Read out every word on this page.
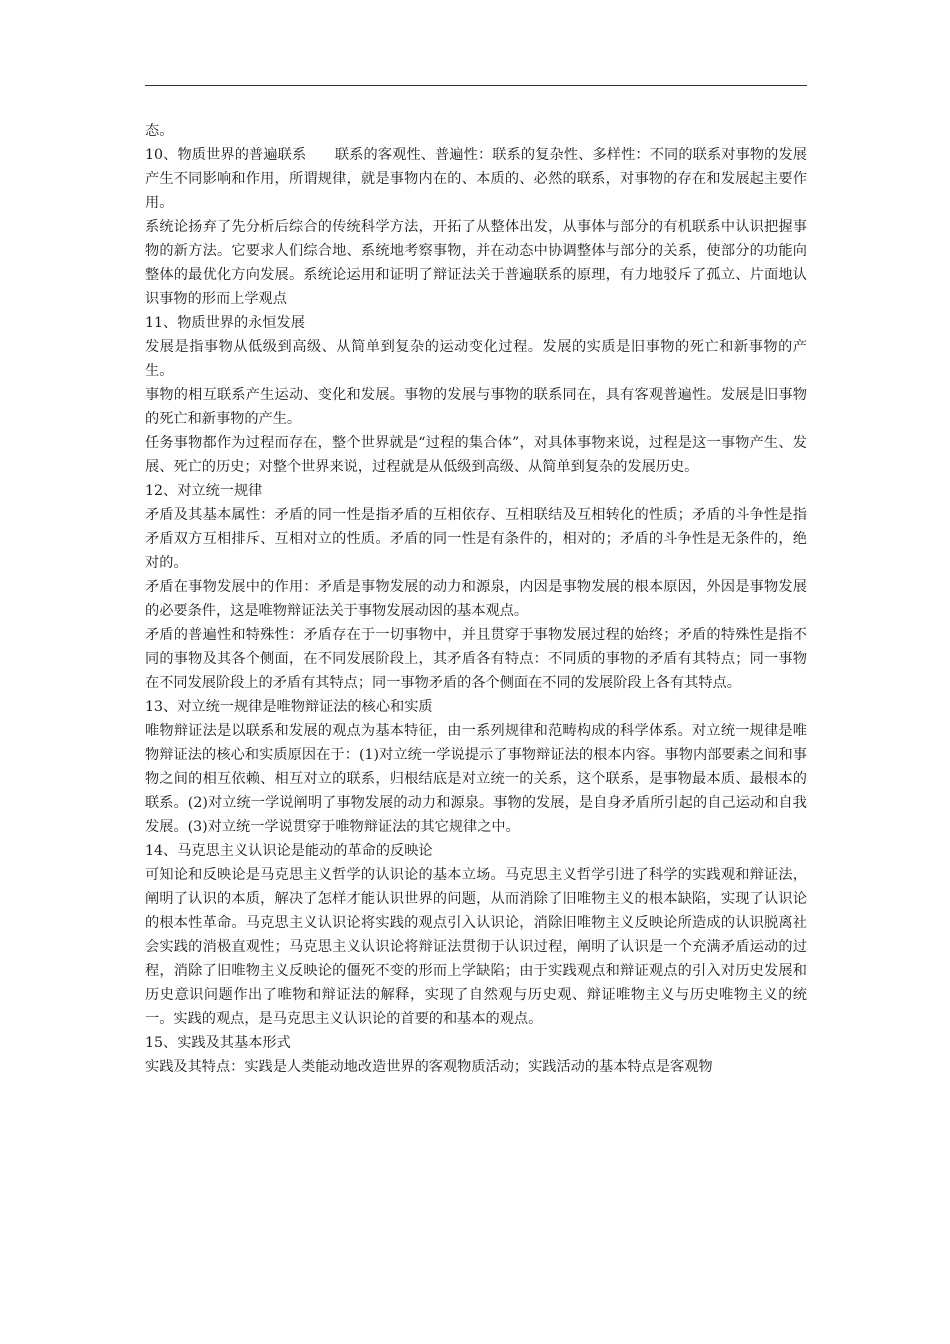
态。

10、物质世界的普遍联系　　联系的客观性、普遍性：联系的复杂性、多样性：不同的联系对事物的发展产生不同影响和作用，所谓规律，就是事物内在的、本质的、必然的联系，对事物的存在和发展起主要作用。

系统论扬弃了先分析后综合的传统科学方法，开拓了从整体出发，从事体与部分的有机联系中认识把握事物的新方法。它要求人们综合地、系统地考察事物，并在动态中协调整体与部分的关系，使部分的功能向整体的最优化方向发展。系统论运用和证明了辩证法关于普遍联系的原理，有力地驳斥了孤立、片面地认识事物的形而上学观点

11、物质世界的永恒发展

发展是指事物从低级到高级、从简单到复杂的运动变化过程。发展的实质是旧事物的死亡和新事物的产生。

事物的相互联系产生运动、变化和发展。事物的发展与事物的联系同在，具有客观普遍性。发展是旧事物的死亡和新事物的产生。

任务事物都作为过程而存在，整个世界就是“过程的集合体”，对具体事物来说，过程是这一事物产生、发展、死亡的历史；对整个世界来说，过程就是从低级到高级、从简单到复杂的发展历史。

12、对立统一规律

矛盾及其基本属性：矛盾的同一性是指矛盾的互相依存、互相联结及互相转化的性质；矛盾的斗争性是指矛盾双方互相排斥、互相对立的性质。矛盾的同一性是有条件的，相对的；矛盾的斗争性是无条件的，绝对的。

矛盾在事物发展中的作用：矛盾是事物发展的动力和源泉，内因是事物发展的根本原因，外因是事物发展的必要条件，这是唯物辩证法关于事物发展动因的基本观点。

矛盾的普遍性和特殊性：矛盾存在于一切事物中，并且贯穿于事物发展过程的始终；矛盾的特殊性是指不同的事物及其各个侧面，在不同发展阶段上，其矛盾各有特点：不同质的事物的矛盾有其特点；同一事物在不同发展阶段上的矛盾有其特点；同一事物矛盾的各个侧面在不同的发展阶段上各有其特点。

13、对立统一规律是唯物辩证法的核心和实质

唯物辩证法是以联系和发展的观点为基本特征，由一系列规律和范畴构成的科学体系。对立统一规律是唯物辩证法的核心和实质原因在于：(1)对立统一学说提示了事物辩证法的根本内容。事物内部要素之间和事物之间的相互依赖、相互对立的联系，归根结底是对立统一的关系，这个联系，是事物最本质、最根本的联系。(2)对立统一学说阐明了事物发展的动力和源泉。事物的发展，是自身矛盾所引起的自己运动和自我发展。(3)对立统一学说贯穿于唯物辩证法的其它规律之中。

14、马克思主义认识论是能动的革命的反映论

可知论和反映论是马克思主义哲学的认识论的基本立场。马克思主义哲学引进了科学的实践观和辩证法，阐明了认识的本质，解决了怎样才能认识世界的问题，从而消除了旧唯物主义的根本缺陷，实现了认识论的根本性革命。马克思主义认识论将实践的观点引入认识论，消除旧唯物主义反映论所造成的认识脱离社会实践的消极直观性；马克思主义认识论将辩证法贯彻于认识过程，阐明了认识是一个充满矛盾运动的过程，消除了旧唯物主义反映论的僵死不变的形而上学缺陷；由于实践观点和辩证观点的引入对历史发展和历史意识问题作出了唯物和辩证法的解释，实现了自然观与历史观、辩证唯物主义与历史唯物主义的统一。实践的观点，是马克思主义认识论的首要的和基本的观点。

15、实践及其基本形式

实践及其特点：实践是人类能动地改造世界的客观物质活动；实践活动的基本特点是客观物
